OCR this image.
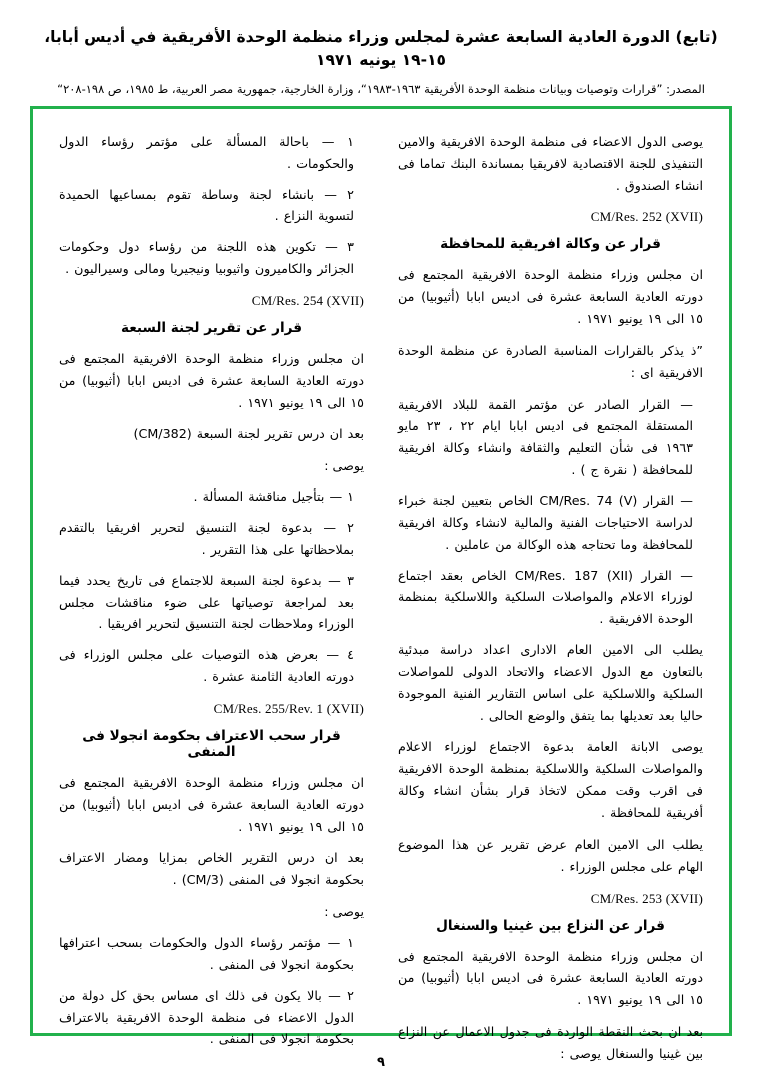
(تابع) الدورة العادية السابعة عشرة لمجلس وزراء منظمة الوحدة الأفريقية في أديس أبابا، ١٥-١٩ يونيه ١٩٧١
المصدر: ”قرارات وتوصيات وبيانات منظمة الوحدة الأفريقية ١٩٦٣-١٩٨٣“، وزارة الخارجية، جمهورية مصر العربية، ط ١٩٨٥، ص ١٩٨-٢٠٨“
يوصى الدول الاعضاء فى منظمة الوحدة الافريقية والامين التنفيذى للجنة الاقتصادية لافريقيا بمساندة البنك تماما فى انشاء الصندوق .
CM/Res. 252 (XVII)
قرار عن وكالة افريقية للمحافظة
ان مجلس وزراء منظمة الوحدة الافريقية المجتمع فى دورته العادية السابعة عشرة فى اديس ابابا (أثيوبيا) من ١٥ الى ١٩ يونيو ١٩٧١ .
”ذ يذكر بالقرارات المناسبة الصادرة عن منظمة الوحدة الافريقية اى :
— القرار الصادر عن مؤتمر القمة للبلاد الافريقية المستقلة المجتمع فى اديس ابابا ايام ٢٢ ، ٢٣ مايو ١٩٦٣ فى شأن التعليم والثقافة وانشاء وكالة افريقية للمحافظة ( نقرة ج ) .
— القرار CM/Res. 74 (V) الخاص بتعيين لجنة خبراء لدراسة الاحتياجات الفنية والمالية لانشاء وكالة افريقية للمحافظة وما تحتاجه هذه الوكالة من عاملين .
— القرار CM/Res. 187 (XII) الخاص بعقد اجتماع لوزراء الاعلام والمواصلات السلكية واللاسلكية بمنظمة الوحدة الافريقية .
يطلب الى الامين العام الادارى اعداد دراسة مبدئية بالتعاون مع الدول الاعضاء والاتحاد الدولى للمواصلات السلكية واللاسلكية على اساس التقارير الفنية الموجودة حاليا بعد تعديلها بما يتفق والوضع الحالى .
يوصى الابانة العامة بدعوة الاجتماع لوزراء الاعلام والمواصلات السلكية واللاسلكية بمنظمة الوحدة الافريقية فى اقرب وقت ممكن لاتخاذ قرار بشأن انشاء وكالة أفريقية للمحافظة .
يطلب الى الامين العام عرض تقرير عن هذا الموضوع الهام على مجلس الوزراء .
CM/Res. 253 (XVII)
قرار عن النزاع بين غينيا والسنغال
ان مجلس وزراء منظمة الوحدة الافريقية المجتمع فى دورته العادية السابعة عشرة فى اديس ابابا (أثيوبيا) من ١٥ الى ١٩ يونيو ١٩٧١ .
بعد ان بحث النقطة الواردة فى جدول الاعمال عن النزاع بين غينيا والسنغال يوصى :
١ — باحالة المسألة على مؤتمر رؤساء الدول والحكومات .
٢ — بانشاء لجنة وساطة تقوم بمساعيها الحميدة لتسوية النزاع .
٣ — تكوين هذه اللجنة من رؤساء دول وحكومات الجزائر والكاميرون واثيوبيا ونيجيريا ومالى وسيراليون .
CM/Res. 254 (XVII)
قرار عن تقرير لجنة السبعة
ان مجلس وزراء منظمة الوحدة الافريقية المجتمع فى دورته العادية السابعة عشرة فى اديس ابابا (أثيوبيا) من ١٥ الى ١٩ يونيو ١٩٧١ .
بعد ان درس تقرير لجنة السبعة (CM/382)
يوصى :
١ — بتأجيل مناقشة المسألة .
٢ — بدعوة لجنة التنسيق لتحرير افريقيا بالتقدم بملاحظاتها على هذا التقرير .
٣ — بدعوة لجنة السبعة للاجتماع فى تاريخ يحدد فيما بعد لمراجعة توصياتها على ضوء مناقشات مجلس الوزراء وملاحظات لجنة التنسيق لتحرير افريقيا .
٤ — بعرض هذه التوصيات على مجلس الوزراء فى دورته العادية الثامنة عشرة .
CM/Res. 255/Rev. 1 (XVII)
قرار سحب الاعتراف بحكومة انجولا فى المنفى
ان مجلس وزراء منظمة الوحدة الافريقية المجتمع فى دورته العادية السابعة عشرة فى اديس ابابا (أثيوبيا) من ١٥ الى ١٩ يونيو ١٩٧١ .
بعد ان درس التقرير الخاص بمزايا ومضار الاعتراف بحكومة انجولا فى المنفى (CM/3) .
يوصى :
١ — مؤتمر رؤساء الدول والحكومات بسحب اعترافها بحكومة انجولا فى المنفى .
٢ — بالا يكون فى ذلك اى مساس بحق كل دولة من الدول الاعضاء فى منظمة الوحدة الافريقية بالاعتراف بحكومة انجولا فى المنفى .
٩
